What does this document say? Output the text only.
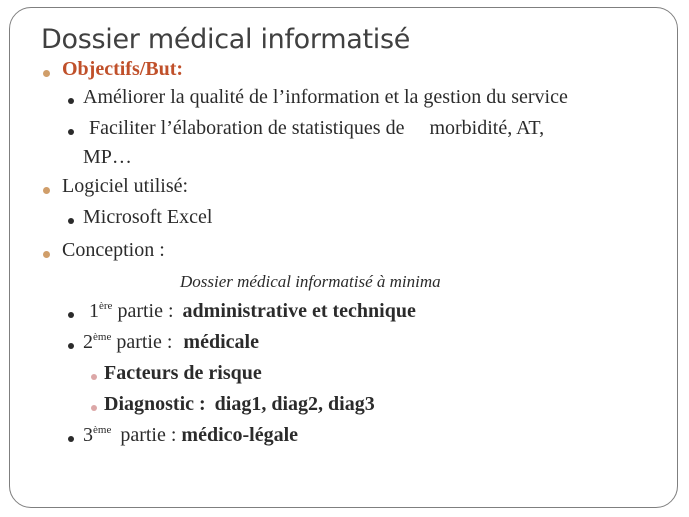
Dossier médical informatisé
Objectifs/But:
Améliorer la qualité de l’information et la gestion du service
Faciliter l’élaboration de statistiques de     morbidité, AT,
MP…
Logiciel utilisé:
Microsoft Excel
Conception :
Dossier médical informatisé à minima
1ère partie : administrative et technique
2ème partie : médicale
Facteurs de risque
Diagnostic : diag1, diag2, diag3
3ème partie : médico-légale
